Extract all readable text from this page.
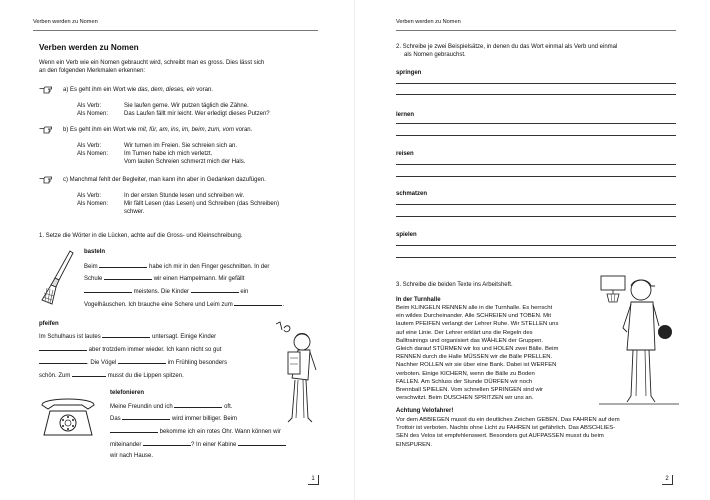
Verben werden zu Nomen
Verben werden zu Nomen
Wenn ein Verb wie ein Nomen gebraucht wird, schreibt man es gross. Dies lässt sich
an den folgenden Merkmalen erkennen:
a) Es geht ihm ein Wort wie das, dem, dieses, ein voran.
Als Verb:	Sie laufen gerne. Wir putzen täglich die Zähne.
Als Nomen:	Das Laufen fällt mir leicht. Wer erledigt dieses Putzen?
b) Es geht ihm ein Wort wie mit, für, am, ins, im, beim, zum, vom voran.
Als Verb:	Wir turnen im Freien. Sie schreien sich an.
Als Nomen:	Im Turnen habe ich mich verletzt.
Vom lauten Schreien schmerzt mich der Hals.
c) Manchmal fehlt der Begleiter, man kann ihn aber in Gedanken dazufügen.
Als Verb:	In der ersten Stunde lesen und schreiben wir.
Als Nomen:	Mir fällt Lesen (das Lesen) und Schreiben (das Schreiben)
schwer.
1. Setze die Wörter in die Lücken, achte auf die Gross- und Kleinschreibung.
basteln
Beim	habe ich mir in den Finger geschnitten. In der
Schule	wir einen Hampelmann. Mir gefällt
meistens. Die Kinder	ein
Vogelhäuschen. Ich brauche eine Schere und Leim zum	.
pfeifen
Im Schulhaus ist lautes	untersagt. Einige Kinder
aber trotzdem immer wieder. Ich kann nicht so gut
. Die Vögel	im Frühling besonders
schön. Zum	musst du die Lippen spitzen.
telefonieren
Meine Freundin und ich	oft.
Das	wird immer billiger. Beim
bekomme ich ein rotes Ohr. Wann können wir
miteinander	? In einer Kabine
wir nach Hause.
1
Verben werden zu Nomen
2. Schreibe je zwei Beispielsätze, in denen du das Wort einmal als Verb und einmal
als Nomen gebrauchst.
springen
lernen
reisen
schmatzen
spielen
3. Schreibe die beiden Texte ins Arbeitsheft.
In der Turnhalle
Beim KLINGELN RENNEN alle in die Turnhalle. Es herrscht
ein wildes Durcheinander. Alle SCHREIEN und TOBEN. Mit
lautem PFEIFEN verlangt der Lehrer Ruhe. Wir STELLEN uns
auf eine Linie. Der Lehrer erklärt uns die Regeln des
Balltrainings und organisiert das WÄHLEN der Gruppen.
Gleich darauf STÜRMEN wir los und HOLEN zwei Bälle. Beim
RENNEN durch die Halle MÜSSEN wir die Bälle PRELLEN.
Nachher ROLLEN wir sie über eine Bank. Dabei ist WERFEN
verboten. Einige KICHERN, wenn die Bälle zu Boden
FALLEN. Am Schluss der Stunde DÜRFEN wir noch
Brennball SPIELEN. Vom schnellen SPRINGEN sind wir
verschwitzt. Beim DUSCHEN SPRITZEN wir uns an.
Achtung Velofahrer!
Vor dem ABBIEGEN musst du ein deutliches Zeichen GEBEN. Das FAHREN auf dem
Trottoir ist verboten. Nachts ohne Licht zu FAHREN ist gefährlich. Das ABSCHLIES-
SEN des Velos ist empfehlenswert. Besonders gut AUFPASSEN musst du beim
EINSPUREN.
2
